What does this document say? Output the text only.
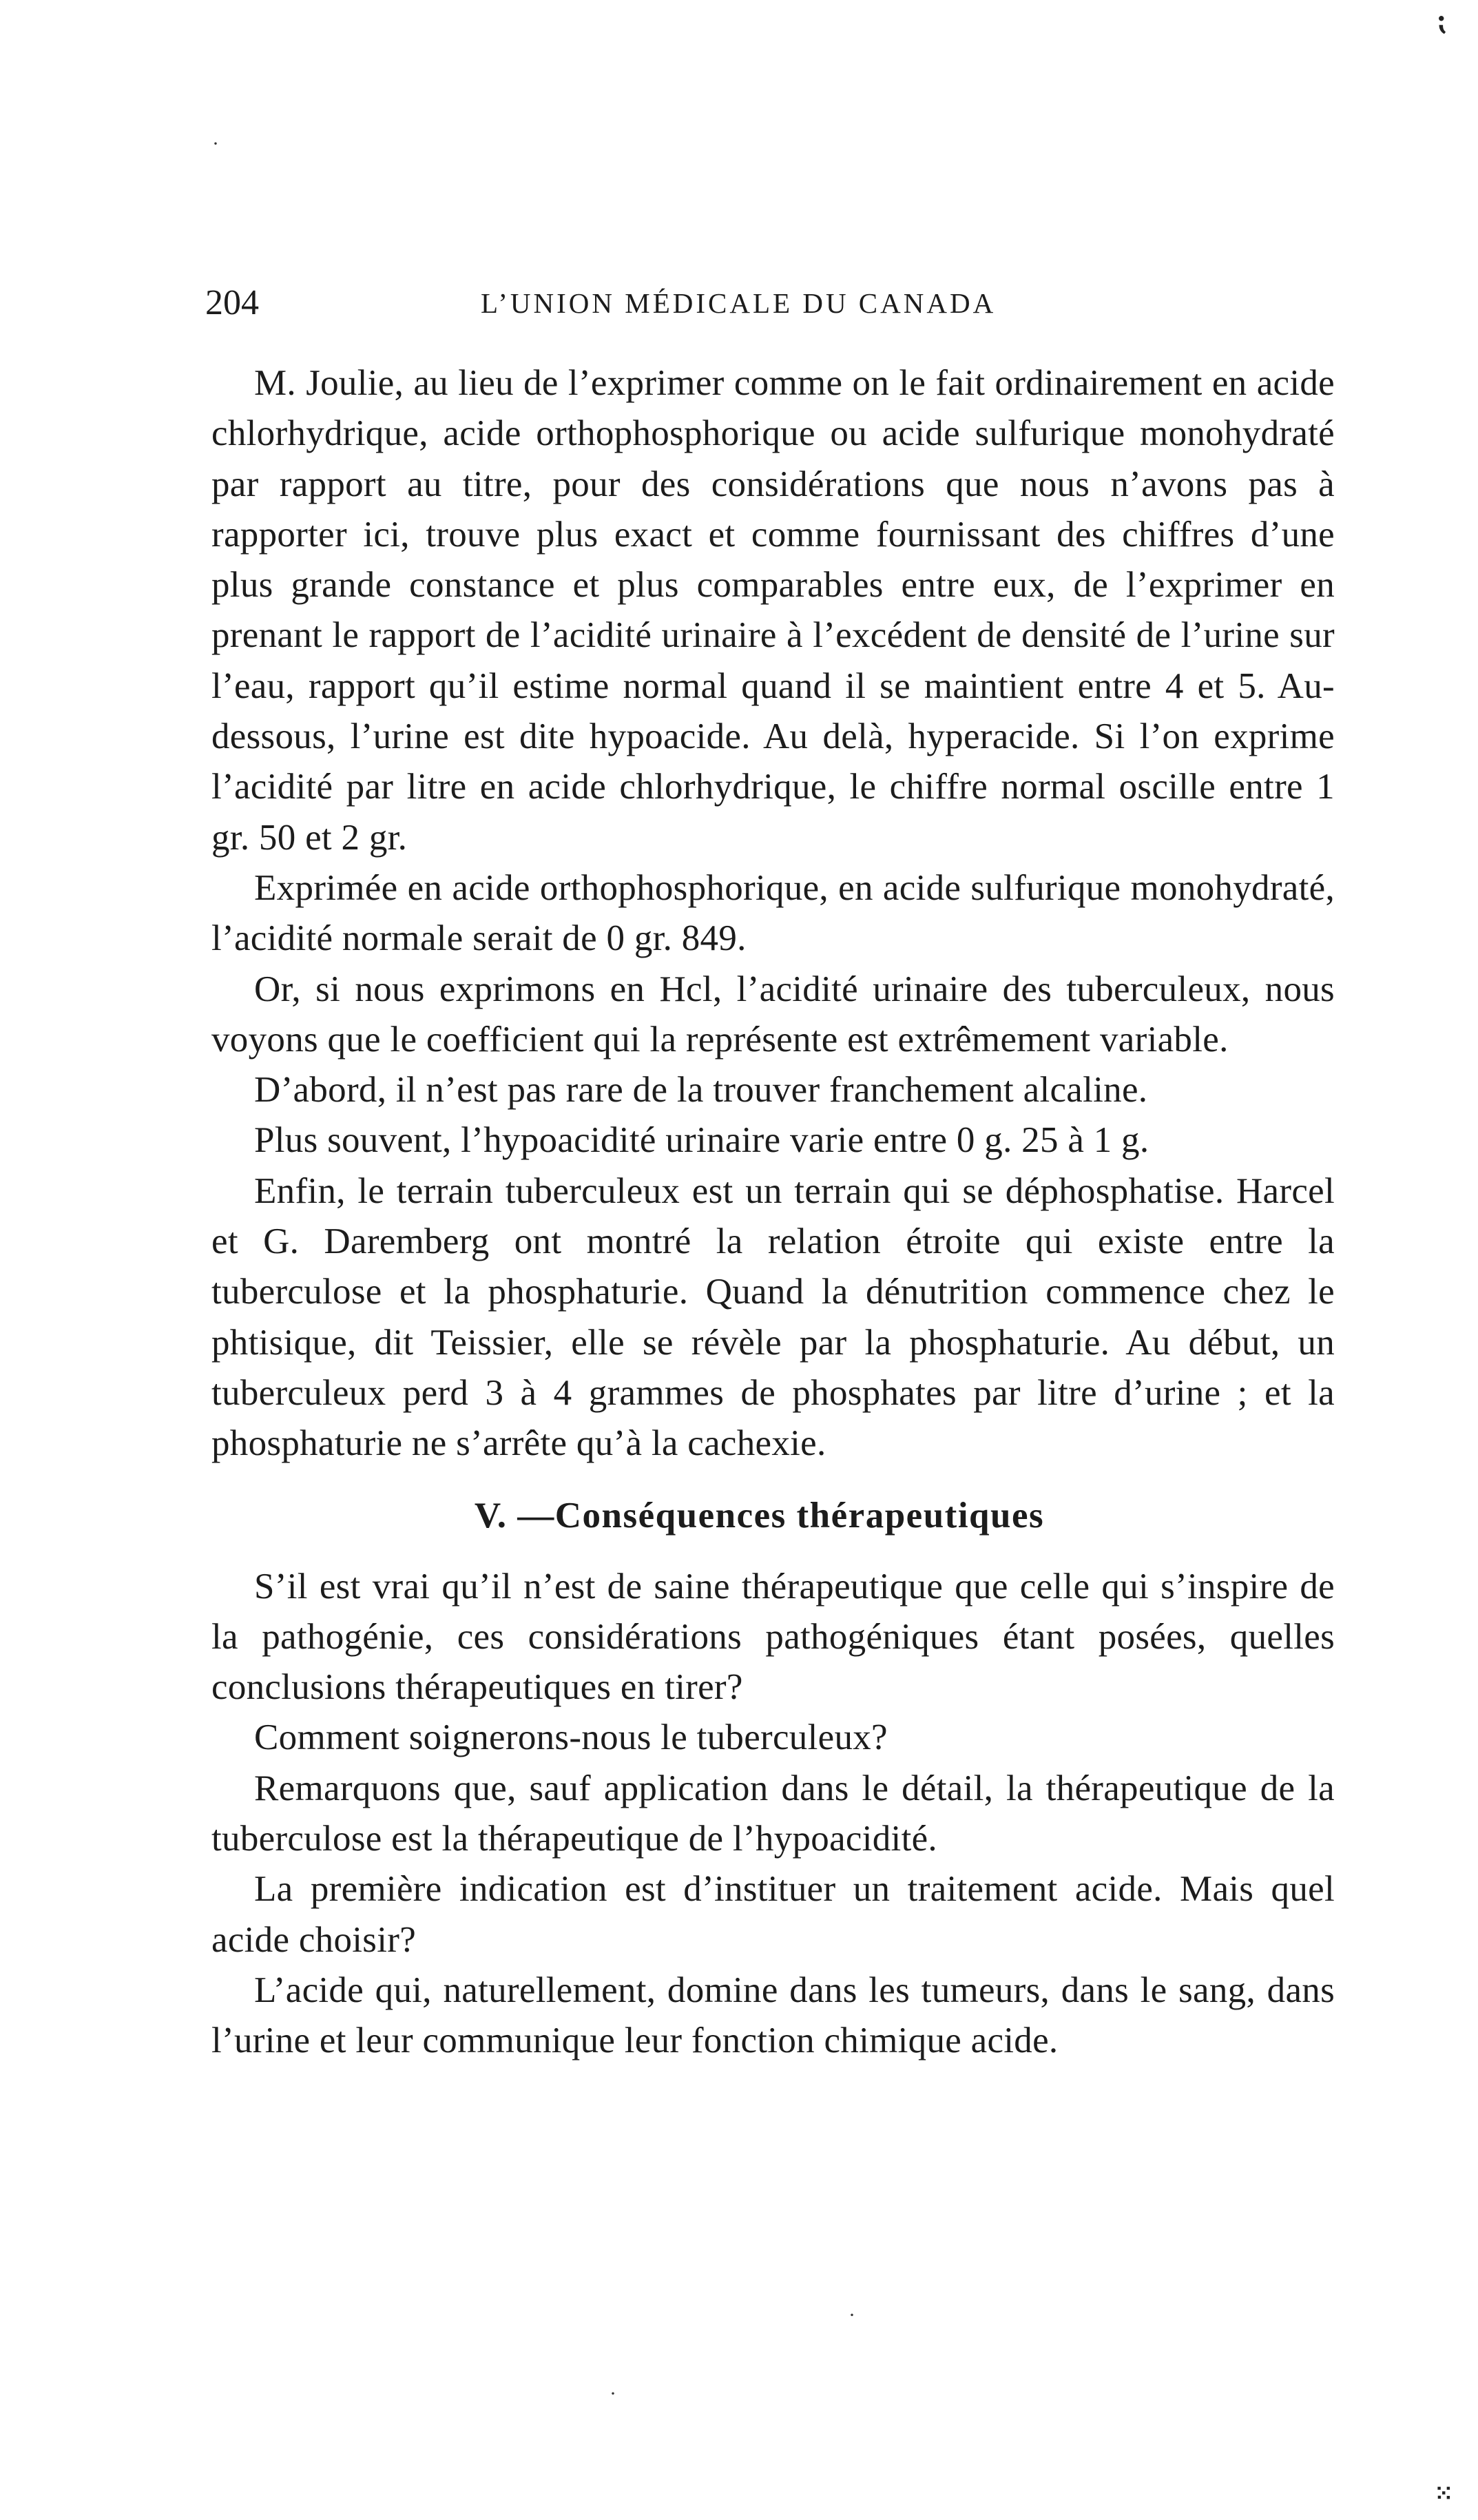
⁏
·
204	L’UNION MÉDICALE DU CANADA

M. Joulie, au lieu de l’exprimer comme on le fait ordinairement en acide chlorhydrique, acide orthophosphorique ou acide sulfurique monohydraté par rapport au titre, pour des considérations que nous n’avons pas à rapporter ici, trouve plus exact et comme fournissant des chiffres d’une plus grande constance et plus comparables entre eux, de l’exprimer en prenant le rapport de l’acidité urinaire à l’excédent de densité de l’urine sur l’eau, rapport qu’il estime normal quand il se maintient entre 4 et 5. Au-dessous, l’urine est dite hypoacide. Au delà, hyperacide. Si l’on exprime l’acidité par litre en acide chlorhydrique, le chiffre normal oscille entre 1 gr. 50 et 2 gr.

Exprimée en acide orthophosphorique, en acide sulfurique monohydraté, l’acidité normale serait de 0 gr. 849.

Or, si nous exprimons en Hcl, l’acidité urinaire des tuberculeux, nous voyons que le coefficient qui la représente est extrêmement variable.

D’abord, il n’est pas rare de la trouver franchement alcaline.

Plus souvent, l’hypoacidité urinaire varie entre 0 g. 25 à 1 g.

Enfin, le terrain tuberculeux est un terrain qui se déphosphatise. Harcel et G. Daremberg ont montré la relation étroite qui existe entre la tuberculose et la phosphaturie. Quand la dénutrition commence chez le phtisique, dit Teissier, elle se révèle par la phosphaturie. Au début, un tuberculeux perd 3 à 4 grammes de phosphates par litre d’urine ; et la phosphaturie ne s’arrête qu’à la cachexie.

V. —Conséquences thérapeutiques

S’il est vrai qu’il n’est de saine thérapeutique que celle qui s’inspire de la pathogénie, ces considérations pathogéniques étant posées, quelles conclusions thérapeutiques en tirer?

Comment soignerons-nous le tuberculeux?

Remarquons que, sauf application dans le détail, la thérapeutique de la tuberculose est la thérapeutique de l’hypoacidité.

La première indication est d’instituer un traitement acide. Mais quel acide choisir?

L’acide qui, naturellement, domine dans les tumeurs, dans le sang, dans l’urine et leur communique leur fonction chimique acide.

·
·
⁙
